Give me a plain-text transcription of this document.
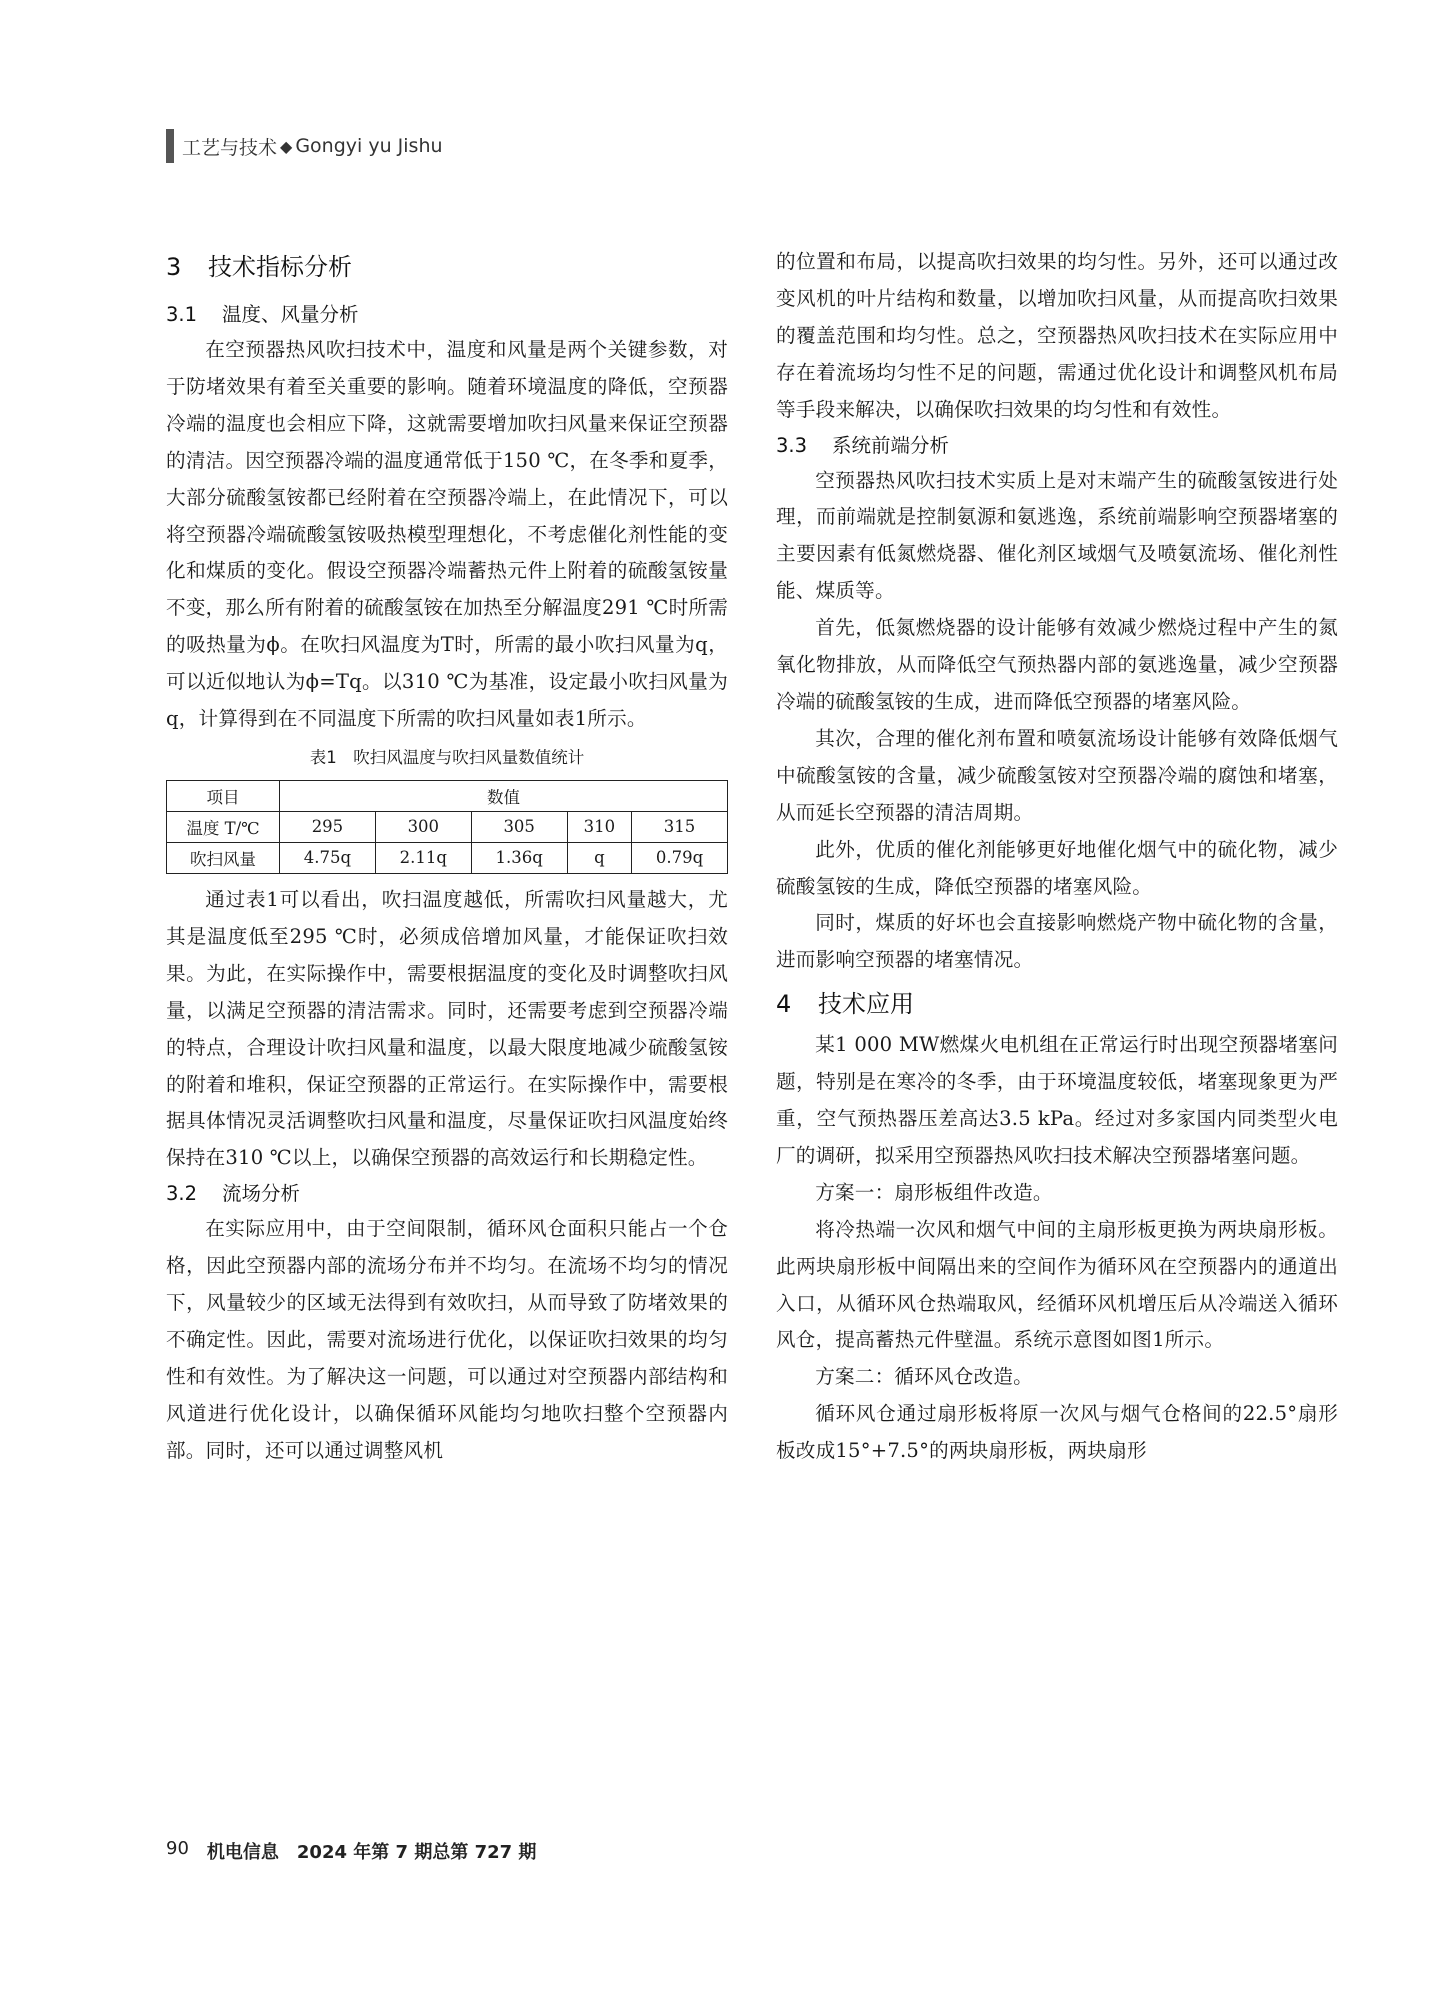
工艺与技术 ◆ Gongyi yu Jishu
3 技术指标分析
3.1 温度、风量分析

在空预器热风吹扫技术中，温度和风量是两个关键参数，对于防堵效果有着至关重要的影响。随着环境温度的降低，空预器冷端的温度也会相应下降，这就需要增加吹扫风量来保证空预器的清洁。因空预器冷端的温度通常低于150 ℃，在冬季和夏季，大部分硫酸氢铵都已经附着在空预器冷端上，在此情况下，可以将空预器冷端硫酸氢铵吸热模型理想化，不考虑催化剂性能的变化和煤质的变化。假设空预器冷端蓄热元件上附着的硫酸氢铵量不变，那么所有附着的硫酸氢铵在加热至分解温度291 ℃时所需的吸热量为ϕ。在吹扫风温度为T时，所需的最小吹扫风量为q，可以近似地认为ϕ=Tq。以310 ℃为基准，设定最小吹扫风量为q，计算得到在不同温度下所需的吹扫风量如表1所示。

表1　吹扫风温度与吹扫风量数值统计
项目	数值				
温度 T/℃	295	300	305	310	315
吹扫风量	4.75q	2.11q	1.36q	q	0.79q

通过表1可以看出，吹扫温度越低，所需吹扫风量越大，尤其是温度低至295 ℃时，必须成倍增加风量，才能保证吹扫效果。为此，在实际操作中，需要根据温度的变化及时调整吹扫风量，以满足空预器的清洁需求。同时，还需要考虑到空预器冷端的特点，合理设计吹扫风量和温度，以最大限度地减少硫酸氢铵的附着和堆积，保证空预器的正常运行。在实际操作中，需要根据具体情况灵活调整吹扫风量和温度，尽量保证吹扫风温度始终保持在310 ℃以上，以确保空预器的高效运行和长期稳定性。

3.2 流场分析

在实际应用中，由于空间限制，循环风仓面积只能占一个仓格，因此空预器内部的流场分布并不均匀。在流场不均匀的情况下，风量较少的区域无法得到有效吹扫，从而导致了防堵效果的不确定性。因此，需要对流场进行优化，以保证吹扫效果的均匀性和有效性。为了解决这一问题，可以通过对空预器内部结构和风道进行优化设计，以确保循环风能均匀地吹扫整个空预器内部。同时，还可以通过调整风机

的位置和布局，以提高吹扫效果的均匀性。另外，还可以通过改变风机的叶片结构和数量，以增加吹扫风量，从而提高吹扫效果的覆盖范围和均匀性。总之，空预器热风吹扫技术在实际应用中存在着流场均匀性不足的问题，需通过优化设计和调整风机布局等手段来解决，以确保吹扫效果的均匀性和有效性。

3.3 系统前端分析

空预器热风吹扫技术实质上是对末端产生的硫酸氢铵进行处理，而前端就是控制氨源和氨逃逸，系统前端影响空预器堵塞的主要因素有低氮燃烧器、催化剂区域烟气及喷氨流场、催化剂性能、煤质等。

首先，低氮燃烧器的设计能够有效减少燃烧过程中产生的氮氧化物排放，从而降低空气预热器内部的氨逃逸量，减少空预器冷端的硫酸氢铵的生成，进而降低空预器的堵塞风险。

其次，合理的催化剂布置和喷氨流场设计能够有效降低烟气中硫酸氢铵的含量，减少硫酸氢铵对空预器冷端的腐蚀和堵塞，从而延长空预器的清洁周期。

此外，优质的催化剂能够更好地催化烟气中的硫化物，减少硫酸氢铵的生成，降低空预器的堵塞风险。

同时，煤质的好坏也会直接影响燃烧产物中硫化物的含量，进而影响空预器的堵塞情况。

4 技术应用

某1 000 MW燃煤火电机组在正常运行时出现空预器堵塞问题，特别是在寒冷的冬季，由于环境温度较低，堵塞现象更为严重，空气预热器压差高达3.5 kPa。经过对多家国内同类型火电厂的调研，拟采用空预器热风吹扫技术解决空预器堵塞问题。

方案一：扇形板组件改造。

将冷热端一次风和烟气中间的主扇形板更换为两块扇形板。此两块扇形板中间隔出来的空间作为循环风在空预器内的通道出入口，从循环风仓热端取风，经循环风机增压后从冷端送入循环风仓，提高蓄热元件壁温。系统示意图如图1所示。

方案二：循环风仓改造。

循环风仓通过扇形板将原一次风与烟气仓格间的22.5°扇形板改成15°+7.5°的两块扇形板，两块扇形

90 机电信息 2024 年第 7 期总第 727 期
